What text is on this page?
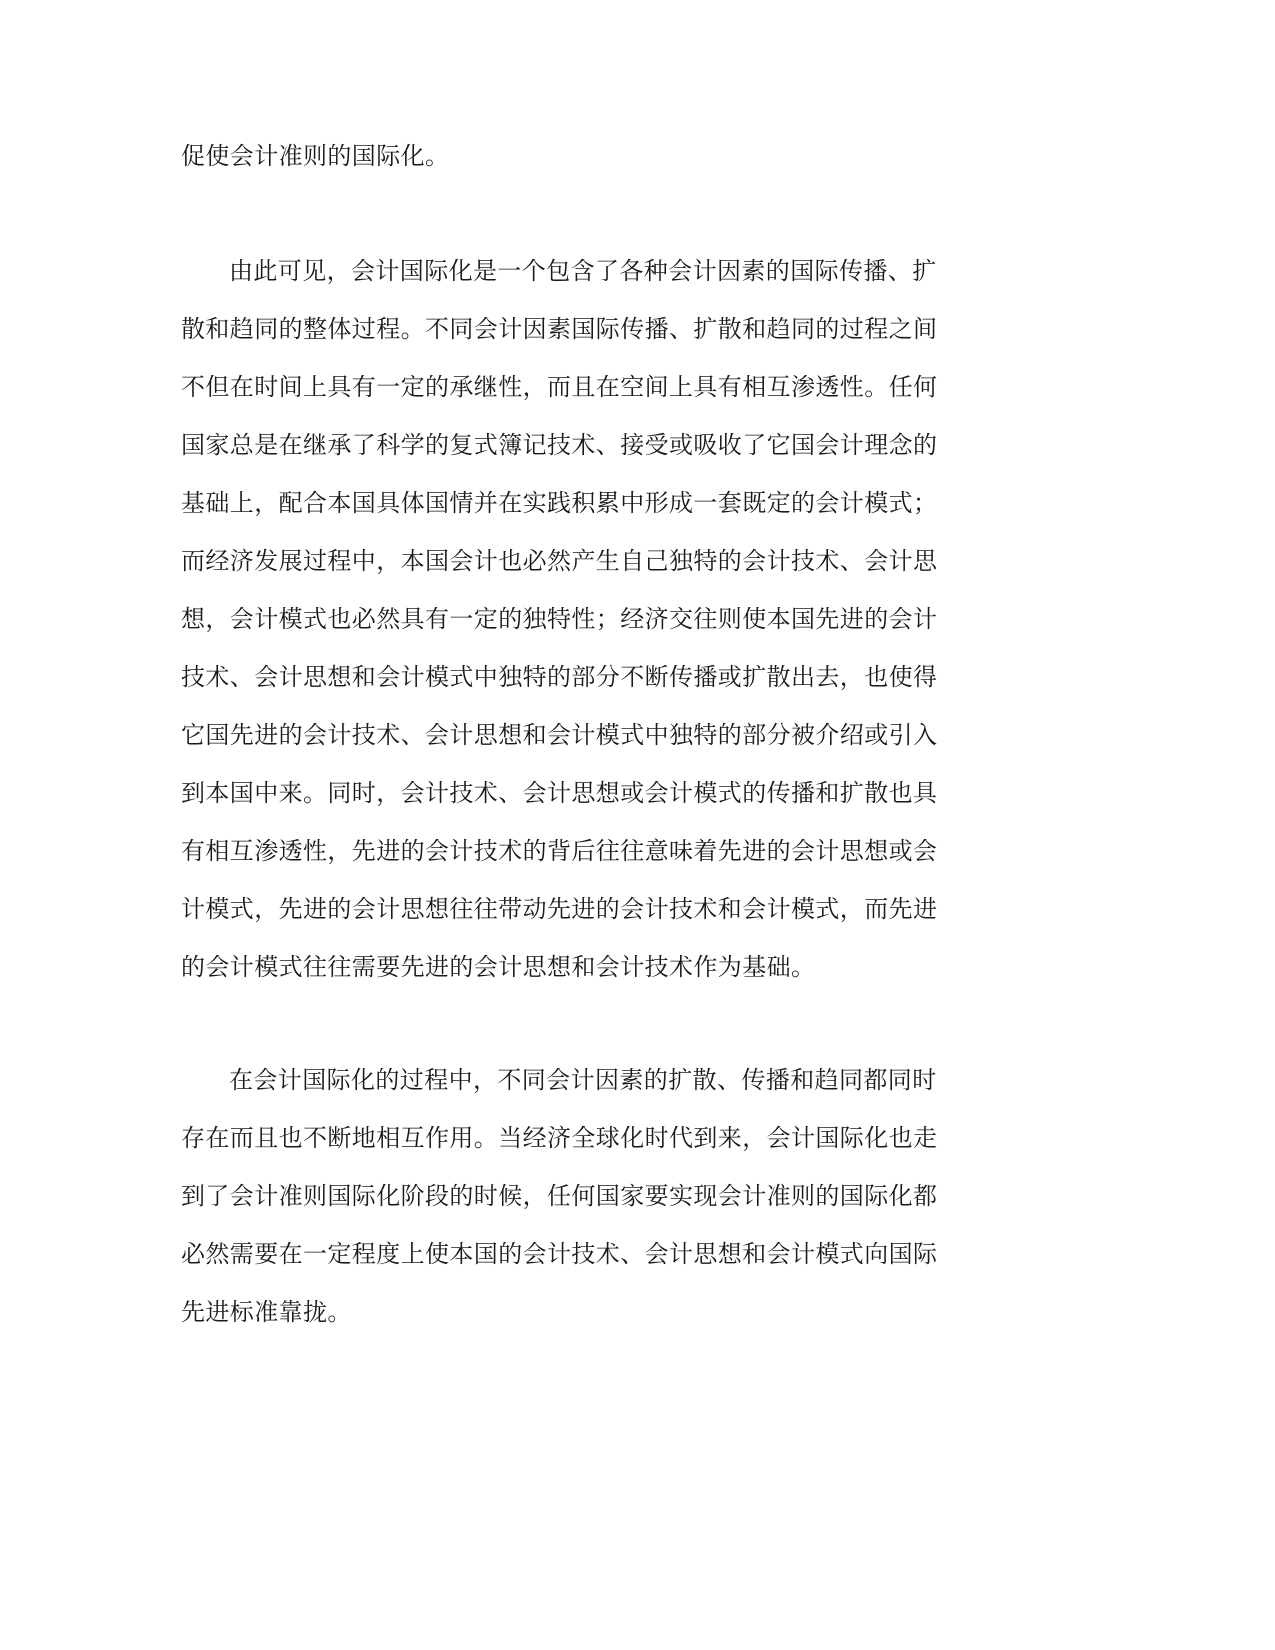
促使会计准则的国际化。
由此可见，会计国际化是一个包含了各种会计因素的国际传播、扩
散和趋同的整体过程。不同会计因素国际传播、扩散和趋同的过程之间
不但在时间上具有一定的承继性，而且在空间上具有相互渗透性。任何
国家总是在继承了科学的复式簿记技术、接受或吸收了它国会计理念的
基础上，配合本国具体国情并在实践积累中形成一套既定的会计模式；
而经济发展过程中，本国会计也必然产生自己独特的会计技术、会计思
想，会计模式也必然具有一定的独特性；经济交往则使本国先进的会计
技术、会计思想和会计模式中独特的部分不断传播或扩散出去，也使得
它国先进的会计技术、会计思想和会计模式中独特的部分被介绍或引入
到本国中来。同时，会计技术、会计思想或会计模式的传播和扩散也具
有相互渗透性，先进的会计技术的背后往往意味着先进的会计思想或会
计模式，先进的会计思想往往带动先进的会计技术和会计模式，而先进
的会计模式往往需要先进的会计思想和会计技术作为基础。
在会计国际化的过程中，不同会计因素的扩散、传播和趋同都同时
存在而且也不断地相互作用。当经济全球化时代到来，会计国际化也走
到了会计准则国际化阶段的时候，任何国家要实现会计准则的国际化都
必然需要在一定程度上使本国的会计技术、会计思想和会计模式向国际
先进标准靠拢。
